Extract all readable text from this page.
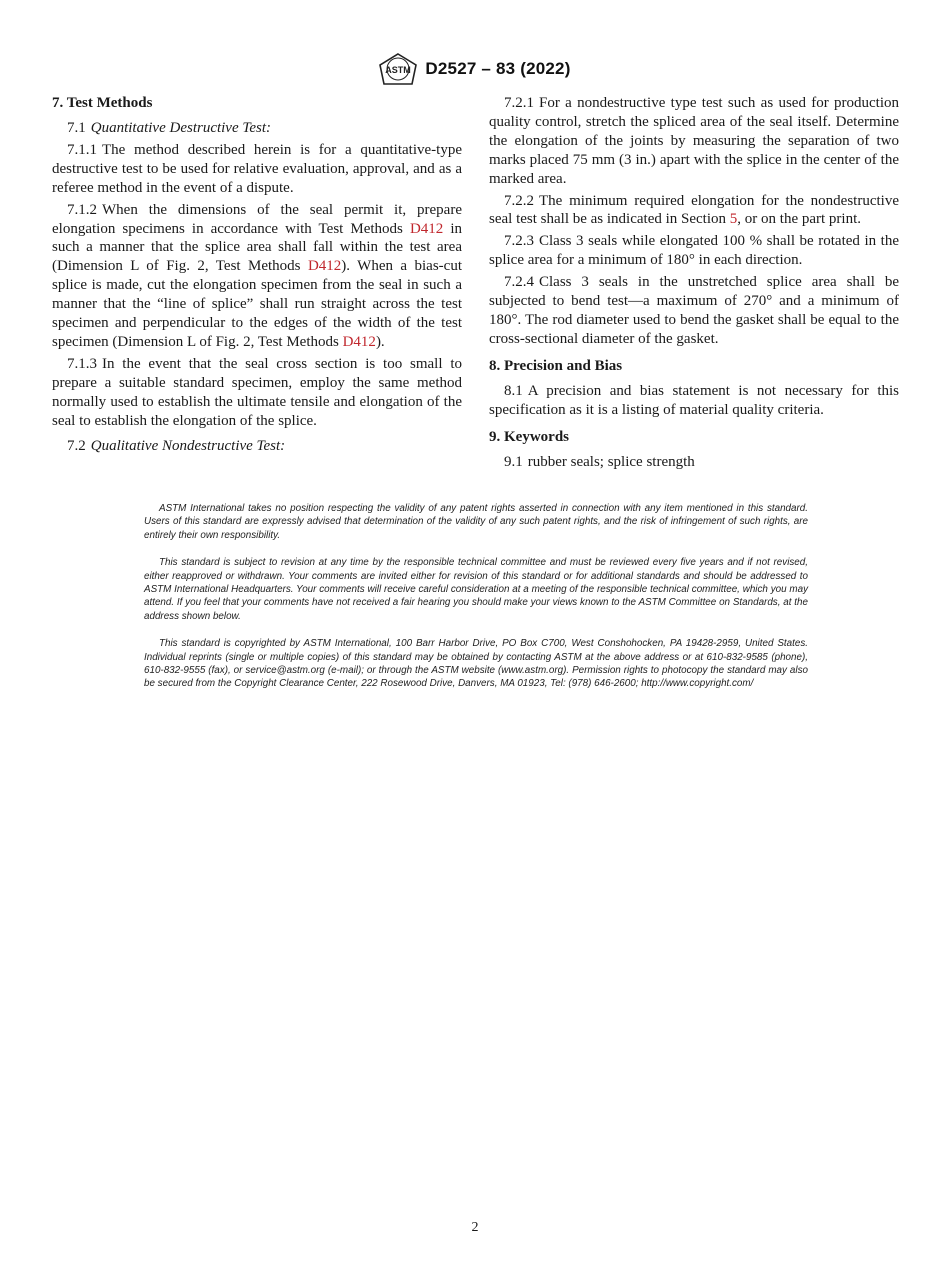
ASTM D2527 – 83 (2022)
7. Test Methods

7.1 Quantitative Destructive Test:

7.1.1 The method described herein is for a quantitative-type destructive test to be used for relative evaluation, approval, and as a referee method in the event of a dispute.

7.1.2 When the dimensions of the seal permit it, prepare elongation specimens in accordance with Test Methods D412 in such a manner that the splice area shall fall within the test area (Dimension L of Fig. 2, Test Methods D412). When a bias-cut splice is made, cut the elongation specimen from the seal in such a manner that the “line of splice” shall run straight across the test specimen and perpendicular to the edges of the width of the test specimen (Dimension L of Fig. 2, Test Methods D412).

7.1.3 In the event that the seal cross section is too small to prepare a suitable standard specimen, employ the same method normally used to establish the ultimate tensile and elongation of the seal to establish the elongation of the splice.

7.2 Qualitative Nondestructive Test:

7.2.1 For a nondestructive type test such as used for production quality control, stretch the spliced area of the seal itself. Determine the elongation of the joints by measuring the separation of two marks placed 75 mm (3 in.) apart with the splice in the center of the marked area.

7.2.2 The minimum required elongation for the nondestructive seal test shall be as indicated in Section 5, or on the part print.

7.2.3 Class 3 seals while elongated 100 % shall be rotated in the splice area for a minimum of 180° in each direction.

7.2.4 Class 3 seals in the unstretched splice area shall be subjected to bend test—a maximum of 270° and a minimum of 180°. The rod diameter used to bend the gasket shall be equal to the cross-sectional diameter of the gasket.

8. Precision and Bias

8.1 A precision and bias statement is not necessary for this specification as it is a listing of material quality criteria.

9. Keywords

9.1 rubber seals; splice strength

ASTM International takes no position respecting the validity of any patent rights asserted in connection with any item mentioned in this standard. Users of this standard are expressly advised that determination of the validity of any such patent rights, and the risk of infringement of such rights, are entirely their own responsibility.

This standard is subject to revision at any time by the responsible technical committee and must be reviewed every five years and if not revised, either reapproved or withdrawn. Your comments are invited either for revision of this standard or for additional standards and should be addressed to ASTM International Headquarters. Your comments will receive careful consideration at a meeting of the responsible technical committee, which you may attend. If you feel that your comments have not received a fair hearing you should make your views known to the ASTM Committee on Standards, at the address shown below.

This standard is copyrighted by ASTM International, 100 Barr Harbor Drive, PO Box C700, West Conshohocken, PA 19428-2959, United States. Individual reprints (single or multiple copies) of this standard may be obtained by contacting ASTM at the above address or at 610-832-9585 (phone), 610-832-9555 (fax), or service@astm.org (e-mail); or through the ASTM website (www.astm.org). Permission rights to photocopy the standard may also be secured from the Copyright Clearance Center, 222 Rosewood Drive, Danvers, MA 01923, Tel: (978) 646-2600; http://www.copyright.com/

2
